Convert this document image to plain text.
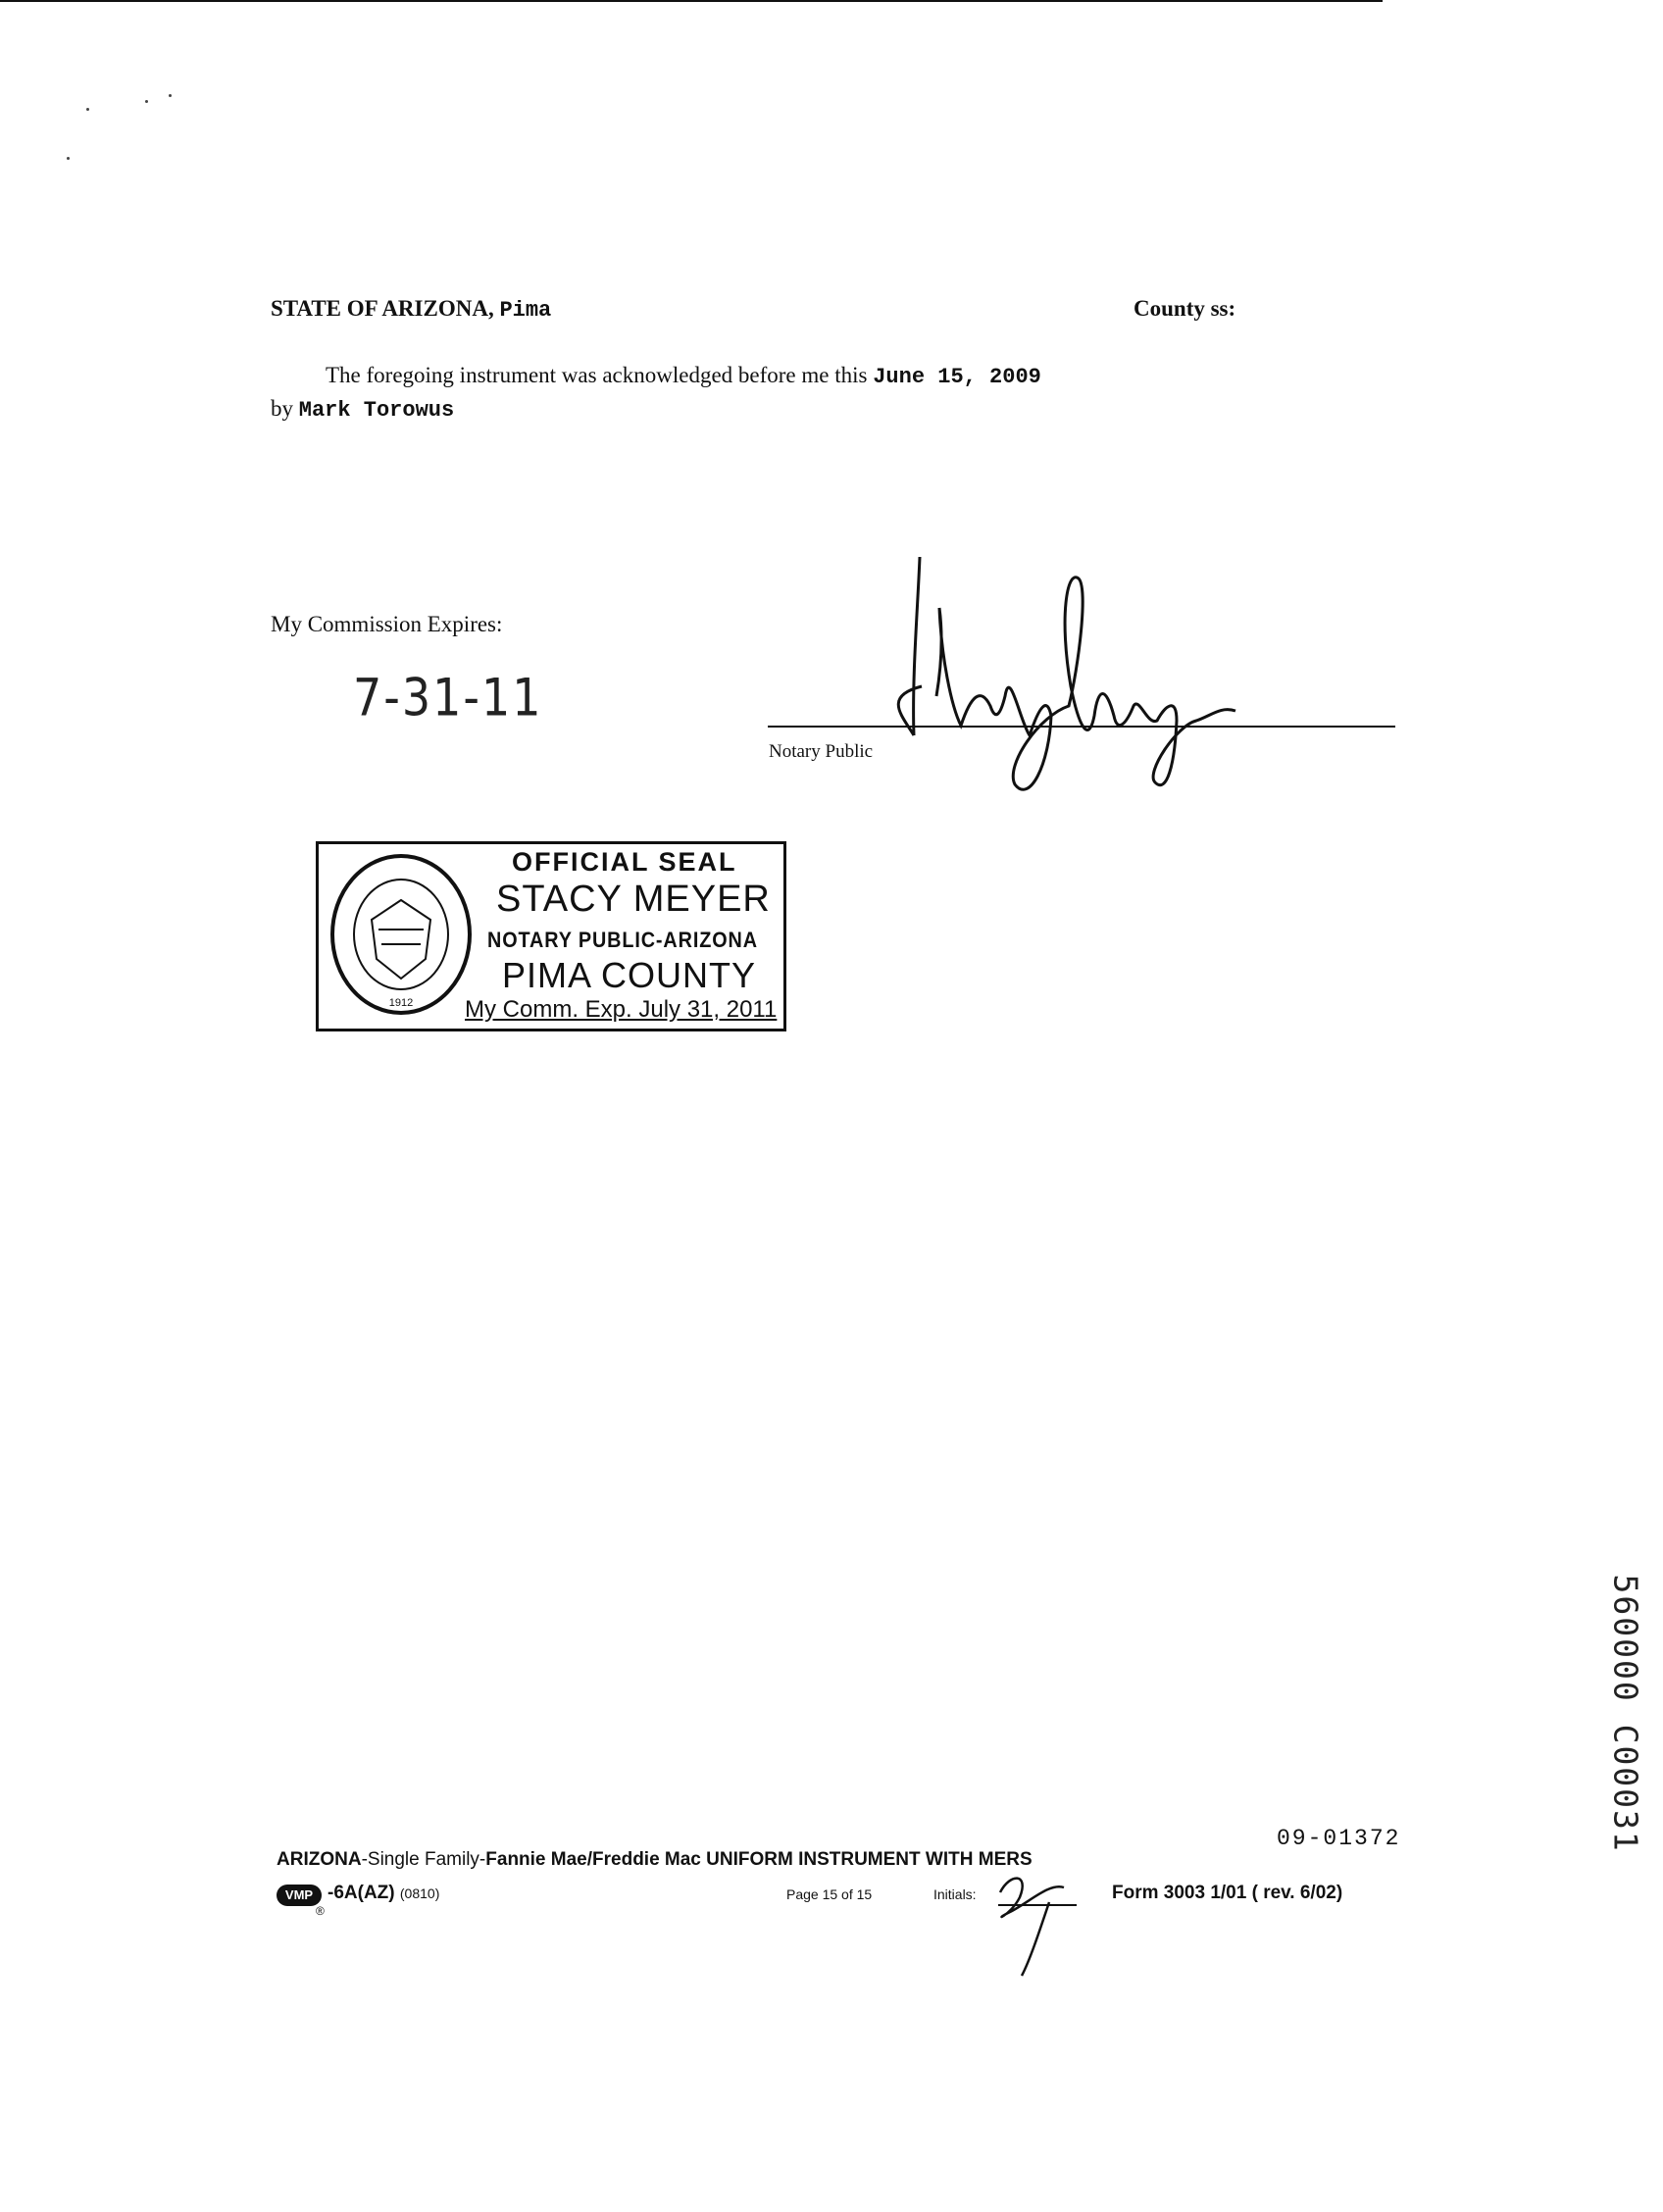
STATE OF ARIZONA, Pima	County ss:
The foregoing instrument was acknowledged before me this June 15, 2009
by Mark Torowus
My Commission Expires:
7-31-11
Notary Public
1912
OFFICIAL SEAL
STACY MEYER
NOTARY PUBLIC-ARIZONA
PIMA COUNTY
My Comm. Exp. July 31, 2011
09-01372
ARIZONA-Single Family-Fannie Mae/Freddie Mac UNIFORM INSTRUMENT WITH MERS
VMP
®
-6A(AZ) (0810)	Page 15 of 15	Initials:	Form 3003 1/01 ( rev. 6/02)
5600​00 C00031
